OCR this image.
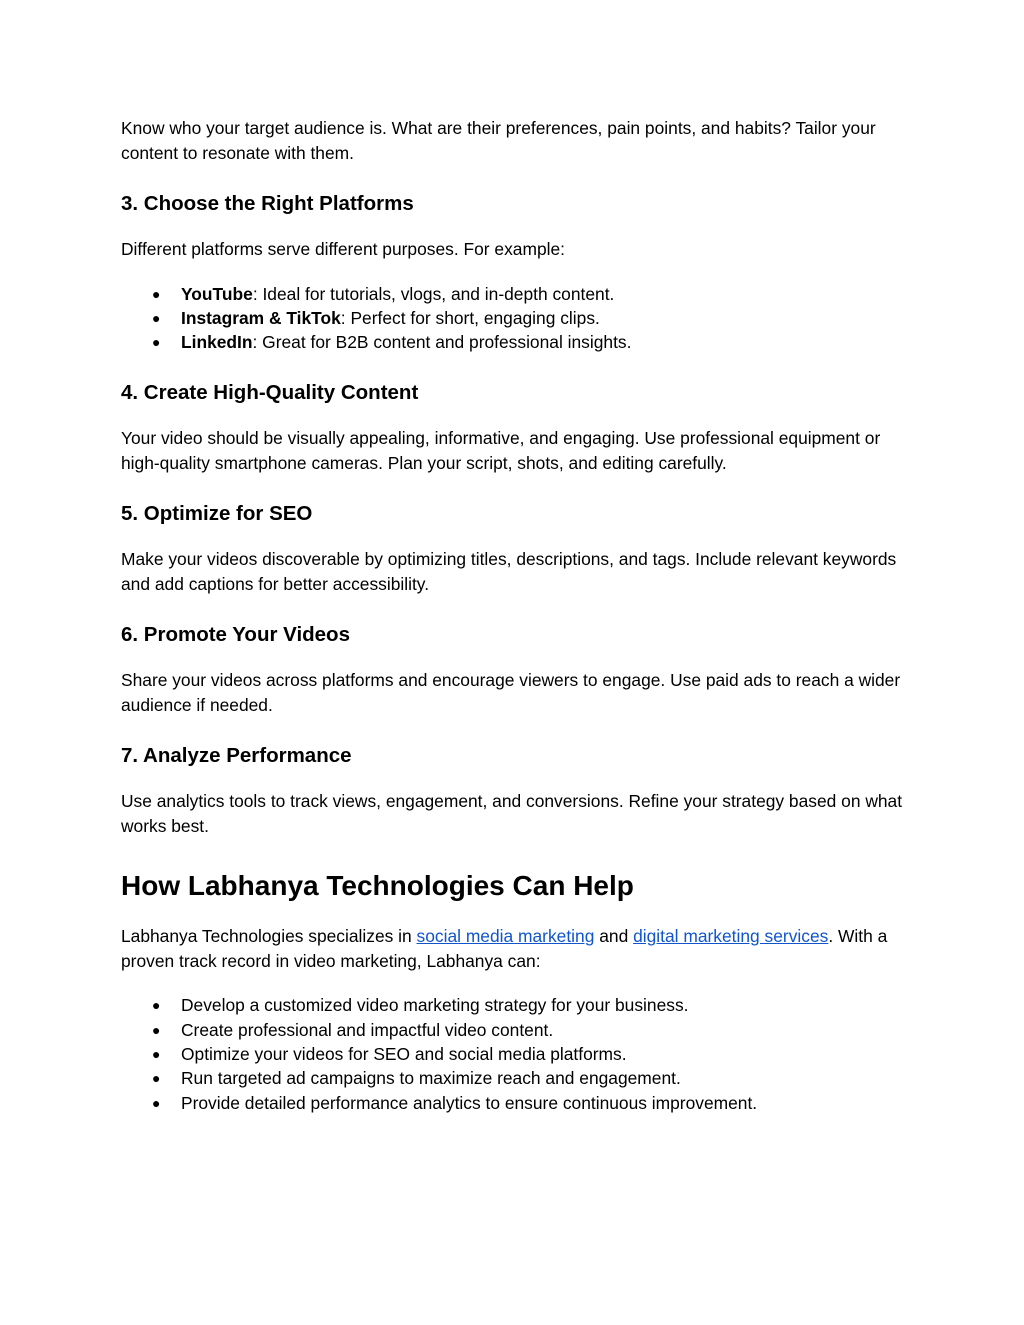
Know who your target audience is. What are their preferences, pain points, and habits? Tailor your content to resonate with them.

3. Choose the Right Platforms

Different platforms serve different purposes. For example:

● YouTube: Ideal for tutorials, vlogs, and in-depth content.
● Instagram & TikTok: Perfect for short, engaging clips.
● LinkedIn: Great for B2B content and professional insights.
4. Create High-Quality Content

Your video should be visually appealing, informative, and engaging. Use professional equipment or high-quality smartphone cameras. Plan your script, shots, and editing carefully.

5. Optimize for SEO

Make your videos discoverable by optimizing titles, descriptions, and tags. Include relevant keywords and add captions for better accessibility.

6. Promote Your Videos

Share your videos across platforms and encourage viewers to engage. Use paid ads to reach a wider audience if needed.

7. Analyze Performance

Use analytics tools to track views, engagement, and conversions. Refine your strategy based on what works best.

How Labhanya Technologies Can Help

Labhanya Technologies specializes in social media marketing and digital marketing services. With a proven track record in video marketing, Labhanya can:

● Develop a customized video marketing strategy for your business.
● Create professional and impactful video content.
● Optimize your videos for SEO and social media platforms.
● Run targeted ad campaigns to maximize reach and engagement.
● Provide detailed performance analytics to ensure continuous improvement.
